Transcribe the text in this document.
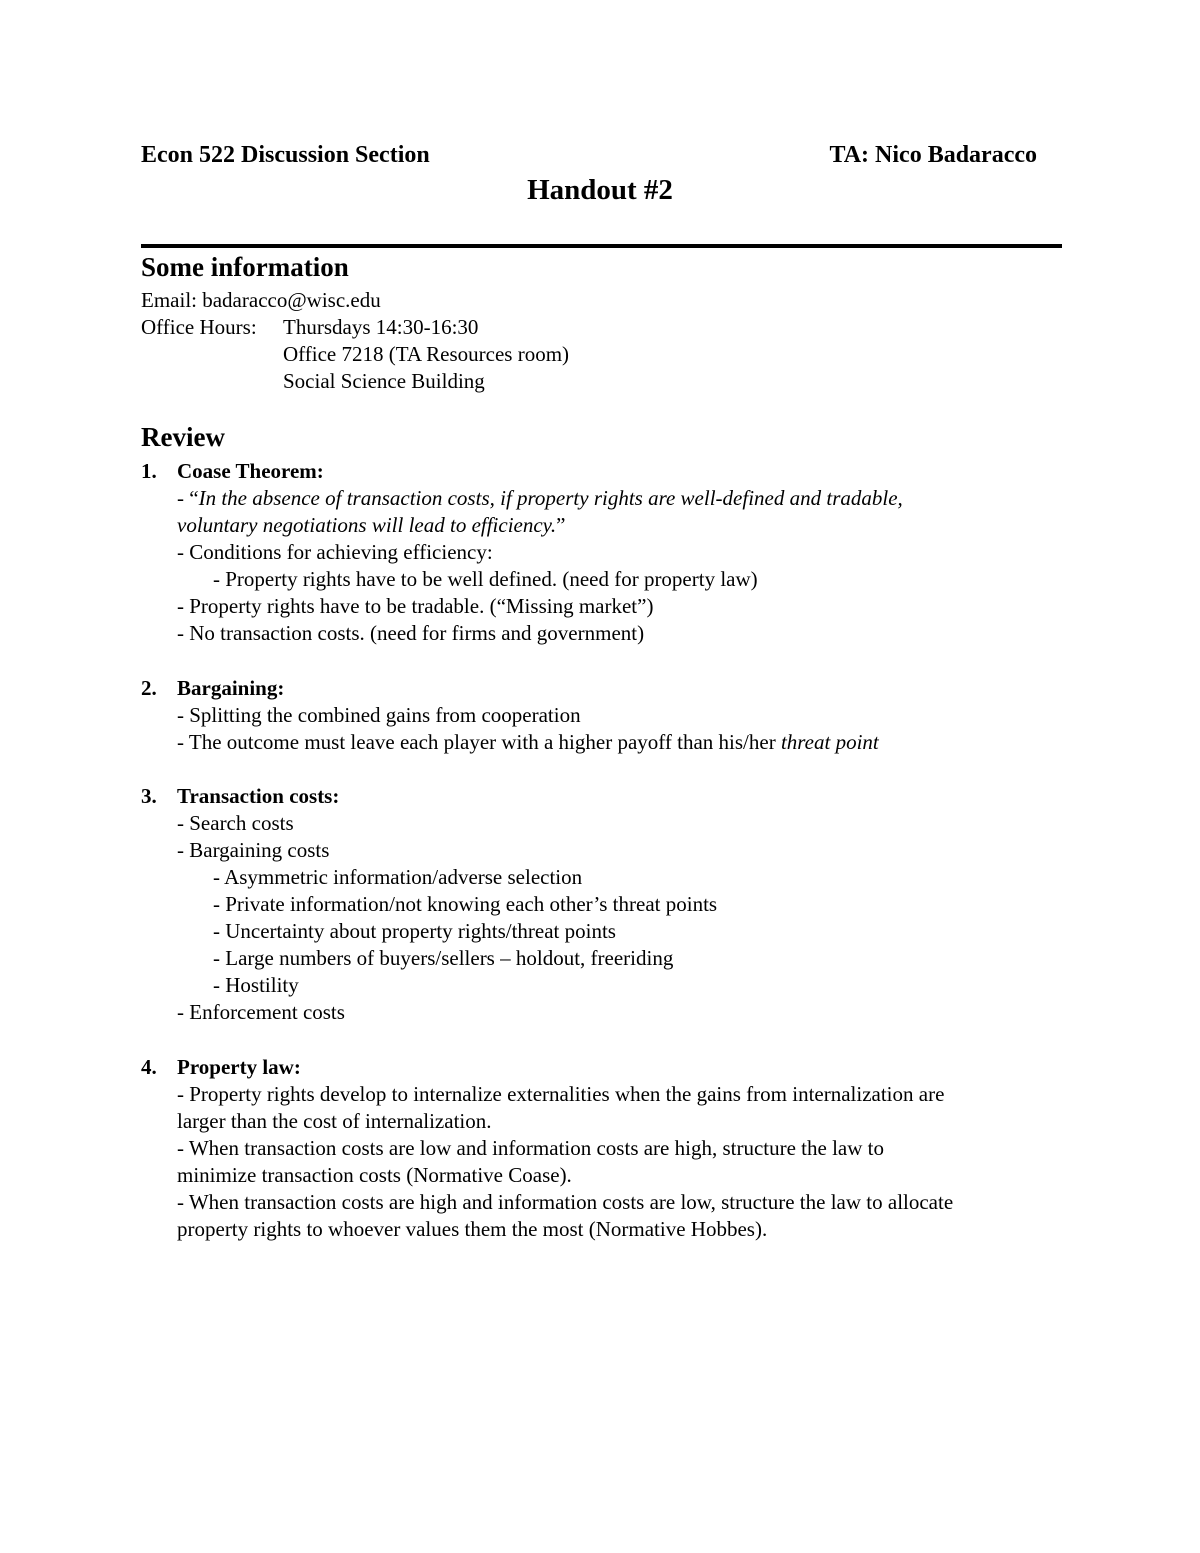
Econ 522 Discussion Section	TA: Nico Badaracco
Handout #2
Some information
Email: badaracco@wisc.edu
Office Hours: Thursdays 14:30-16:30
Office 7218 (TA Resources room)
Social Science Building
Review
1. Coase Theorem:
- “In the absence of transaction costs, if property rights are well-defined and tradable,
voluntary negotiations will lead to efficiency.”
- Conditions for achieving efficiency:
- Property rights have to be well defined. (need for property law)
- Property rights have to be tradable. (“Missing market”)
- No transaction costs. (need for firms and government)
2. Bargaining:
- Splitting the combined gains from cooperation
- The outcome must leave each player with a higher payoff than his/her threat point
3. Transaction costs:
- Search costs
- Bargaining costs
- Asymmetric information/adverse selection
- Private information/not knowing each other’s threat points
- Uncertainty about property rights/threat points
- Large numbers of buyers/sellers – holdout, freeriding
- Hostility
- Enforcement costs
4. Property law:
- Property rights develop to internalize externalities when the gains from internalization are
larger than the cost of internalization.
- When transaction costs are low and information costs are high, structure the law to
minimize transaction costs (Normative Coase).
- When transaction costs are high and information costs are low, structure the law to allocate
property rights to whoever values them the most (Normative Hobbes).
